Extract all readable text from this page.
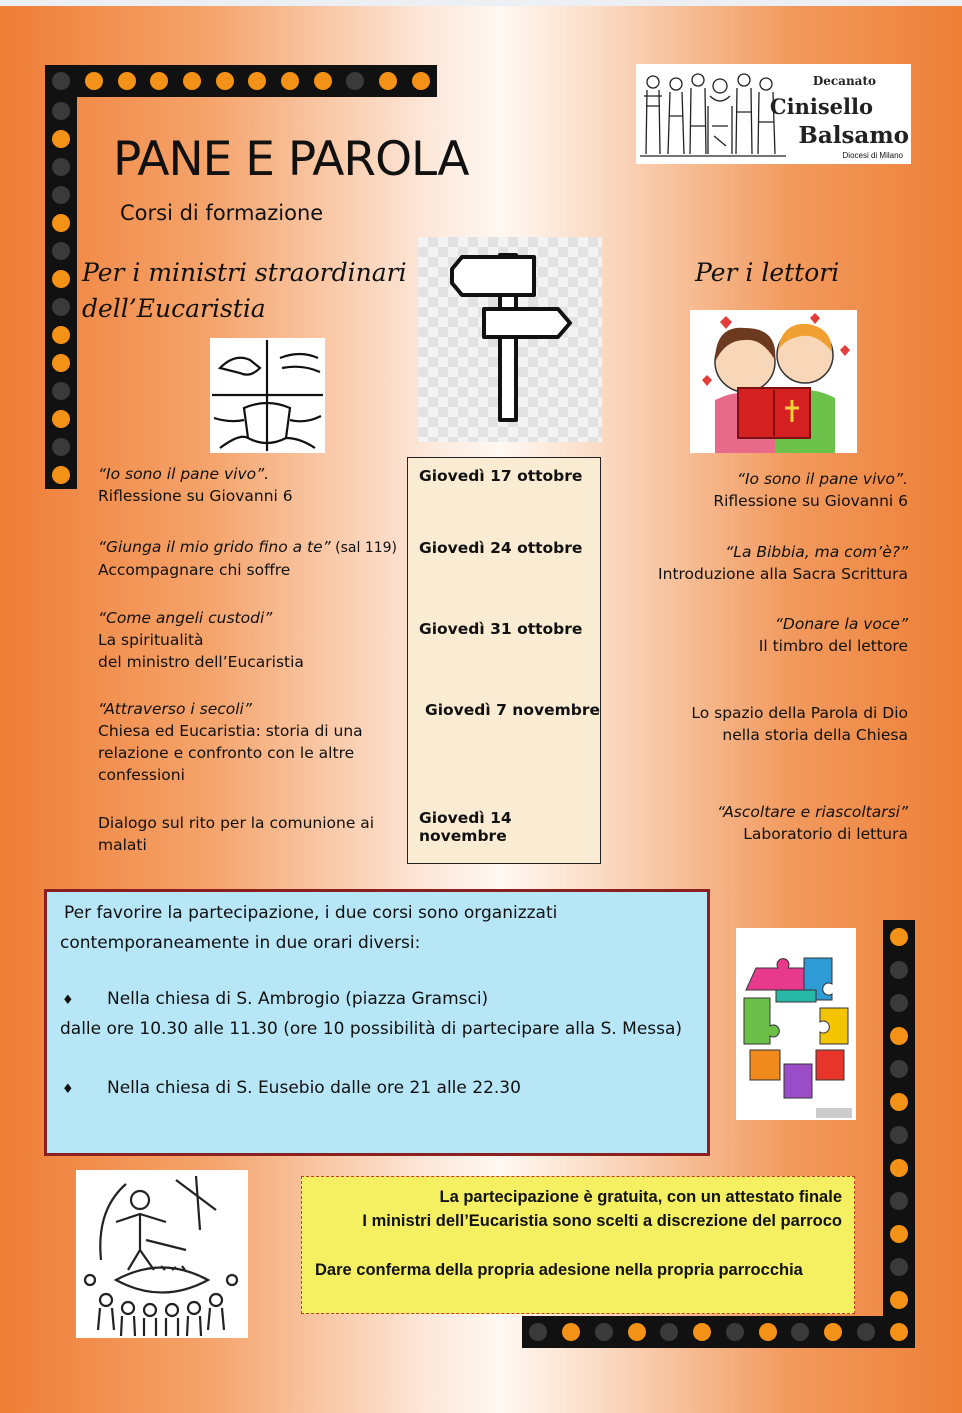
PANE E PAROLA
Corsi di formazione
Decanato
Cinisello
Balsamo
Diocesi di Milano
Per i ministri straordinari
dell’Eucaristia
Per i lettori
“Io sono il pane vivo”.
Riflessione su Giovanni 6
“Giunga il mio grido fino a te” (sal 119)
Accompagnare chi soffre
“Come angeli custodi”
La spiritualità
del ministro dell’Eucaristia
“Attraverso i secoli”
Chiesa ed Eucaristia: storia di una
relazione e confronto con le altre
confessioni
Dialogo sul rito per la comunione ai
malati
Giovedì 17 ottobre
Giovedì 24 ottobre
Giovedì 31 ottobre
Giovedì 7 novembre
Giovedì 14 novembre
“Io sono il pane vivo”.
Riflessione su Giovanni 6
“La Bibbia, ma com’è?”
Introduzione alla Sacra Scrittura
“Donare la voce”
Il timbro del lettore
Lo spazio della Parola di Dio
nella storia della Chiesa
“Ascoltare e riascoltarsi”
Laboratorio di lettura
Per favorire la partecipazione, i due corsi sono organizzati
contemporaneamente in due orari diversi:
♦ Nella chiesa di S. Ambrogio (piazza Gramsci)
dalle ore 10.30 alle 11.30 (ore 10 possibilità di partecipare alla S. Messa)
♦ Nella chiesa di S. Eusebio dalle ore 21 alle 22.30
La partecipazione è gratuita, con un attestato finale
I ministri dell’Eucaristia sono scelti a discrezione del parroco
Dare conferma della propria adesione nella propria parrocchia
